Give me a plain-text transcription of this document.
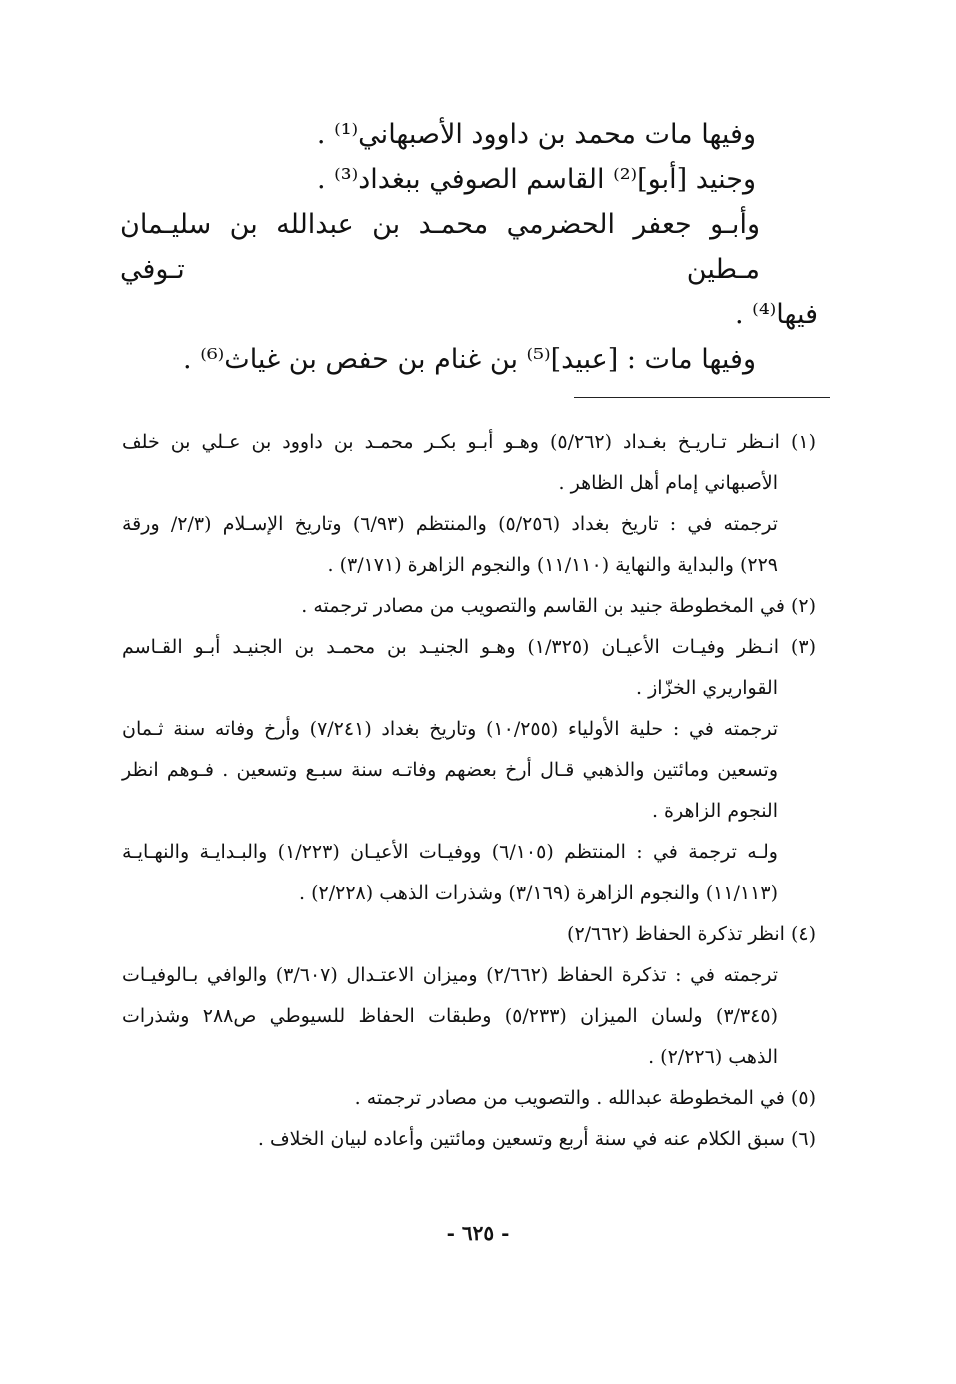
وفيها مات محمد بن داوود الأصبهاني⁽¹⁾ .

وجنيد [أبو]⁽²⁾ القاسم الصوفي ببغداد⁽³⁾ .

وأبـو جعفر الحضرمي محمـد بن عبدالله بن سليـمان مـطين تـوفي

فيها⁽⁴⁾ .

وفيها مات : [عبيد]⁽⁵⁾ بن غنام بن حفص بن غياث⁽⁶⁾ .

(١) انـظر تـاريـخ بغـداد (٥/٢٦٢) وهـو أبـو بكـر محمـد بن داوود بن عـلي بن خلف

الأصبهاني إمام أهل الظاهر .

ترجمته في : تاريخ بغداد (٥/٢٥٦) والمنتظم (٦/٩٣) وتاريخ الإسـلام (٢/٣/ ورقة

٢٢٩) والبداية والنهاية (١١/١١٠) والنجوم الزاهرة (٣/١٧١) .

(٢) في المخطوطة جنيد بن القاسم والتصويب من مصادر ترجمته .

(٣) انـظر وفيـات الأعيـان (١/٣٢٥) وهـو الجنيـد بن محمـد بن الجنيـد أبـو القـاسم

القواريري الخزّاز .

ترجمته في : حلية الأولياء (١٠/٢٥٥) وتاريخ بغداد (٧/٢٤١) وأرخ وفاته سنة ثـمان

وتسعين ومائتين والذهبي قـال أرخ بعضهم وفاتـه سنة سبـع وتسعين . فـوهم انظر

النجوم الزاهرة .

ولـه ترجمة في : المنتظم (٦/١٠٥) ووفيـات الأعيـان (١/٢٢٣) والبـدايـة والنهـايـة

(١١/١١٣) والنجوم الزاهرة (٣/١٦٩) وشذرات الذهب (٢/٢٢٨) .

(٤) انظر تذكرة الحفاظ (٢/٦٦٢)

ترجمته في : تذكرة الحفاظ (٢/٦٦٢) وميزان الاعتـدال (٣/٦٠٧) والوافي بـالوفيـات

(٣/٣٤٥) ولسان الميزان (٥/٢٣٣) وطبقات الحفاظ للسيوطي ص٢٨٨ وشذرات

الذهب (٢/٢٢٦) .

(٥) في المخطوطة عبدالله . والتصويب من مصادر ترجمته .

(٦) سبق الكلام عنه في سنة أربع وتسعين ومائتين وأعاده لبيان الخلاف .

- ٦٢٥ -
